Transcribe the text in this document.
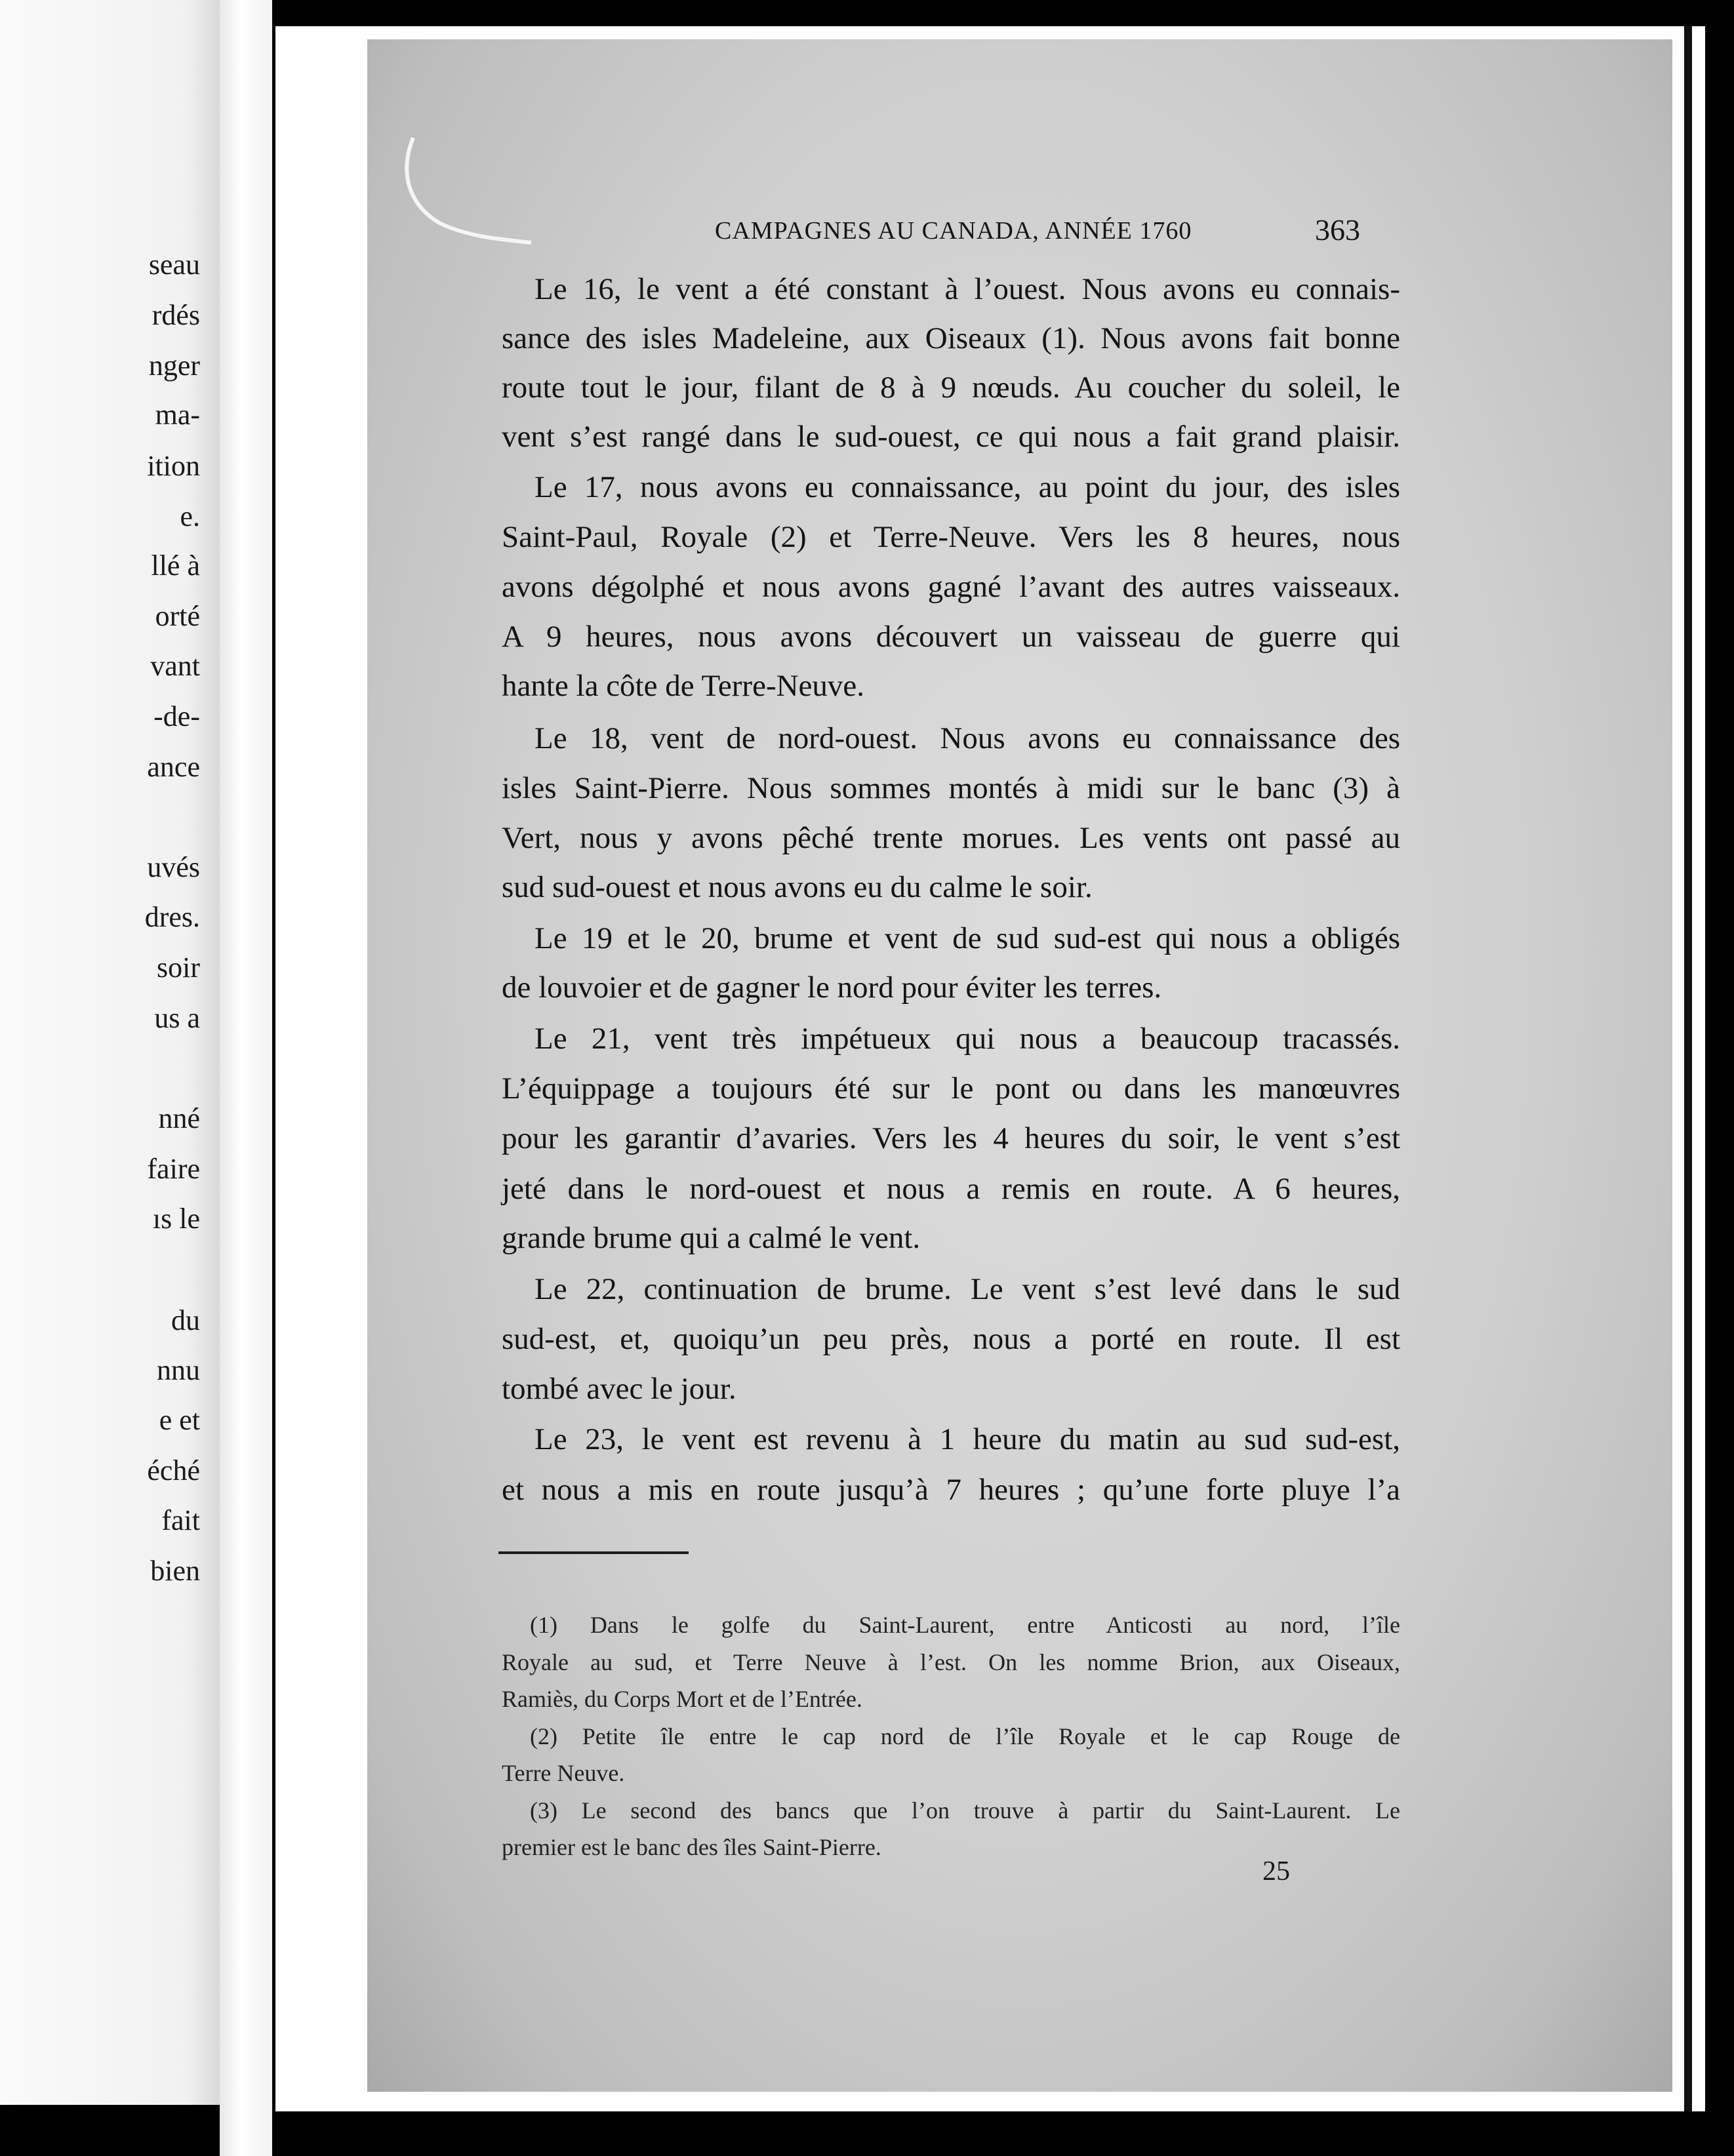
seau
rdés
nger
ma-
ition
e.
llé à
orté
vant
-de-
ance
uvés
dres.
soir
us a
nné
faire
ıs le
du
nnu
e et
éché
fait
bien
CAMPAGNES AU CANADA, ANNÉE 1760	363
Le 16, le vent a été constant à l’ouest. Nous avons eu connais-
sance des isles Madeleine, aux Oiseaux (1). Nous avons fait bonne
route tout le jour, filant de 8 à 9 nœuds. Au coucher du soleil, le
vent s’est rangé dans le sud-ouest, ce qui nous a fait grand plaisir.
Le 17, nous avons eu connaissance, au point du jour, des isles
Saint-Paul, Royale (2) et Terre-Neuve. Vers les 8 heures, nous
avons dégolphé et nous avons gagné l’avant des autres vaisseaux.
A 9 heures, nous avons découvert un vaisseau de guerre qui
hante la côte de Terre-Neuve.
Le 18, vent de nord-ouest. Nous avons eu connaissance des
isles Saint-Pierre. Nous sommes montés à midi sur le banc (3) à
Vert, nous y avons pêché trente morues. Les vents ont passé au
sud sud-ouest et nous avons eu du calme le soir.
Le 19 et le 20, brume et vent de sud sud-est qui nous a obligés
de louvoier et de gagner le nord pour éviter les terres.
Le 21, vent très impétueux qui nous a beaucoup tracassés.
L’équippage a toujours été sur le pont ou dans les manœuvres
pour les garantir d’avaries. Vers les 4 heures du soir, le vent s’est
jeté dans le nord-ouest et nous a remis en route. A 6 heures,
grande brume qui a calmé le vent.
Le 22, continuation de brume. Le vent s’est levé dans le sud
sud-est, et, quoiqu’un peu près, nous a porté en route. Il est
tombé avec le jour.
Le 23, le vent est revenu à 1 heure du matin au sud sud-est,
et nous a mis en route jusqu’à 7 heures ; qu’une forte pluye l’a
(1) Dans le golfe du Saint-Laurent, entre Anticosti au nord, l’île
Royale au sud, et Terre Neuve à l’est. On les nomme Brion, aux Oiseaux,
Ramiès, du Corps Mort et de l’Entrée.
(2) Petite île entre le cap nord de l’île Royale et le cap Rouge de
Terre Neuve.
(3) Le second des bancs que l’on trouve à partir du Saint-Laurent. Le
premier est le banc des îles Saint-Pierre.
25
